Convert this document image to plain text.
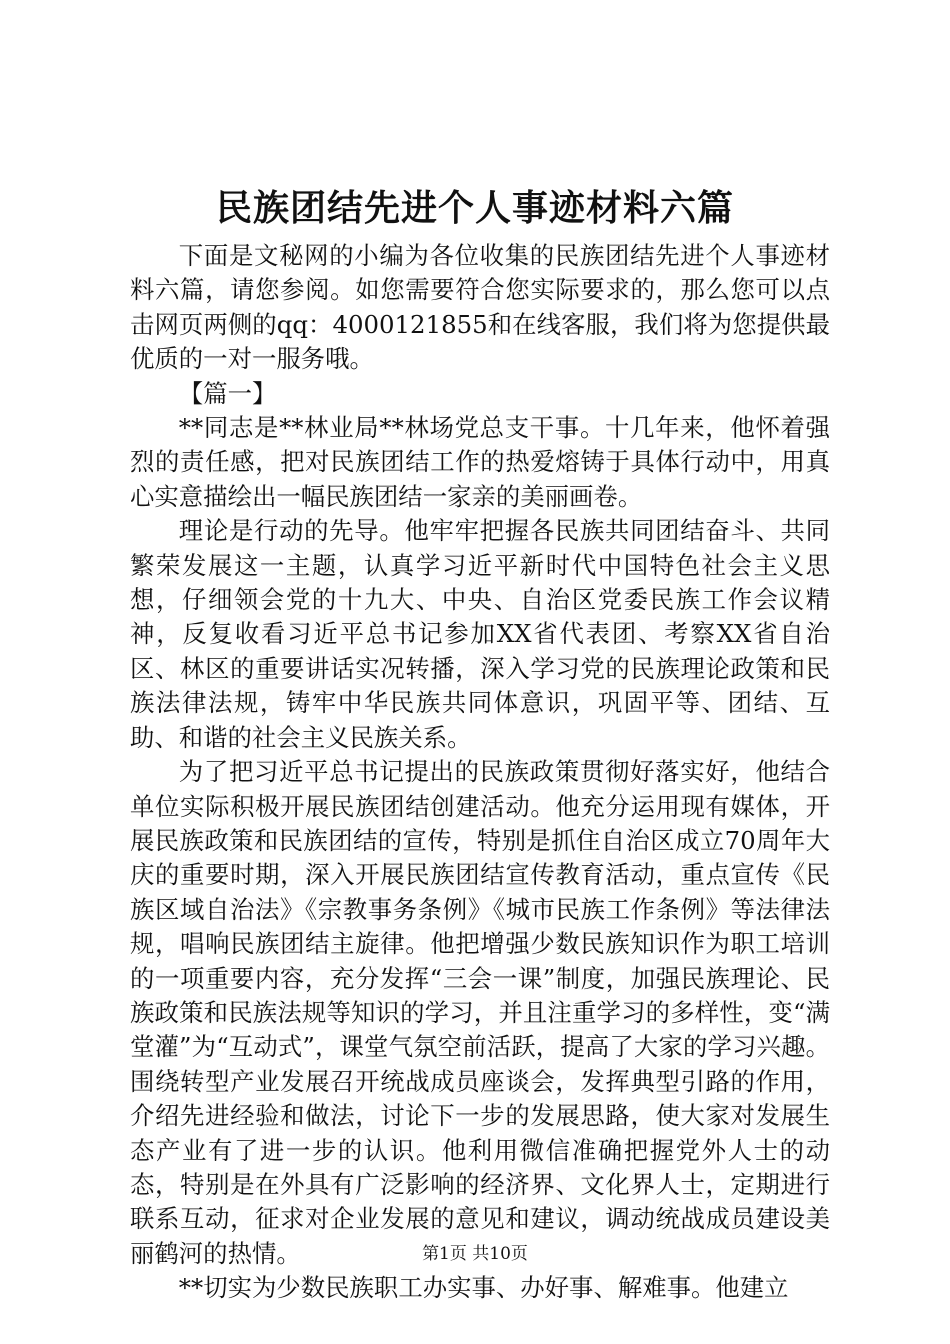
民族团结先进个人事迹材料六篇

下面是文秘网的小编为各位收集的民族团结先进个人事迹材料六篇，请您参阅。如您需要符合您实际要求的，那么您可以点击网页两侧的qq：4000121855和在线客服，我们将为您提供最优质的一对一服务哦。

【篇一】

**同志是**林业局**林场党总支干事。十几年来，他怀着强烈的责任感，把对民族团结工作的热爱熔铸于具体行动中，用真心实意描绘出一幅民族团结一家亲的美丽画卷。

理论是行动的先导。他牢牢把握各民族共同团结奋斗、共同繁荣发展这一主题，认真学习近平新时代中国特色社会主义思想，仔细领会党的十九大、中央、自治区党委民族工作会议精神，反复收看习近平总书记参加XX省代表团、考察XX省自治区、林区的重要讲话实况转播，深入学习党的民族理论政策和民族法律法规，铸牢中华民族共同体意识，巩固平等、团结、互助、和谐的社会主义民族关系。

为了把习近平总书记提出的民族政策贯彻好落实好，他结合单位实际积极开展民族团结创建活动。他充分运用现有媒体，开展民族政策和民族团结的宣传，特别是抓住自治区成立70周年大庆的重要时期，深入开展民族团结宣传教育活动，重点宣传《民族区域自治法》《宗教事务条例》《城市民族工作条例》等法律法规，唱响民族团结主旋律。他把增强少数民族知识作为职工培训的一项重要内容，充分发挥“三会一课”制度，加强民族理论、民族政策和民族法规等知识的学习，并且注重学习的多样性，变“满堂灌”为“互动式”，课堂气氛空前活跃，提高了大家的学习兴趣。围绕转型产业发展召开统战成员座谈会，发挥典型引路的作用，介绍先进经验和做法，讨论下一步的发展思路，使大家对发展生态产业有了进一步的认识。他利用微信准确把握党外人士的动态，特别是在外具有广泛影响的经济界、文化界人士，定期进行联系互动，征求对企业发展的意见和建议，调动统战成员建设美丽鹤河的热情。

**切实为少数民族职工办实事、办好事、解难事。他建立

第1页 共10页
